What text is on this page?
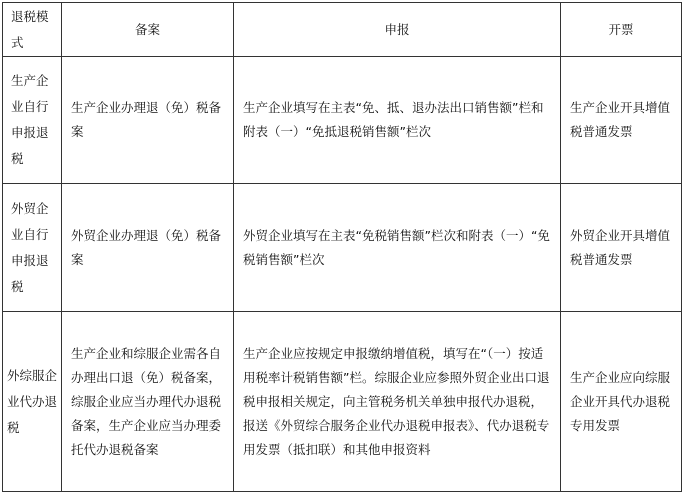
退税模式	备案	申报	开票

生产企业自行申报退税	生产企业办理退（免）税备案	生产企业填写在主表“免、抵、退办法出口销售额”栏和附表（一）“免抵退税销售额”栏次	生产企业开具增值税普通发票

外贸企业自行申报退税	外贸企业办理退（免）税备案	外贸企业填写在主表“免税销售额”栏次和附表（一）“免税销售额”栏次	外贸企业开具增值税普通发票

外综服企业代办退税	生产企业和综服企业需各自办理出口退（免）税备案， 综服企业应当办理代办退税备案，生产企业应当办理委托代办退税备案	生产企业应按规定申报缴纳增值税，填写在“（一）按适用税率计税销售额”栏。综服企业应参照外贸企业出口退税申报相关规定，向主管税务机关单独申报代办退税，报送《外贸综合服务企业代办退税申报表》、代办退税专用发票（抵扣联）和其他申报资料	生产企业应向综服企业开具代办退税专用发票
